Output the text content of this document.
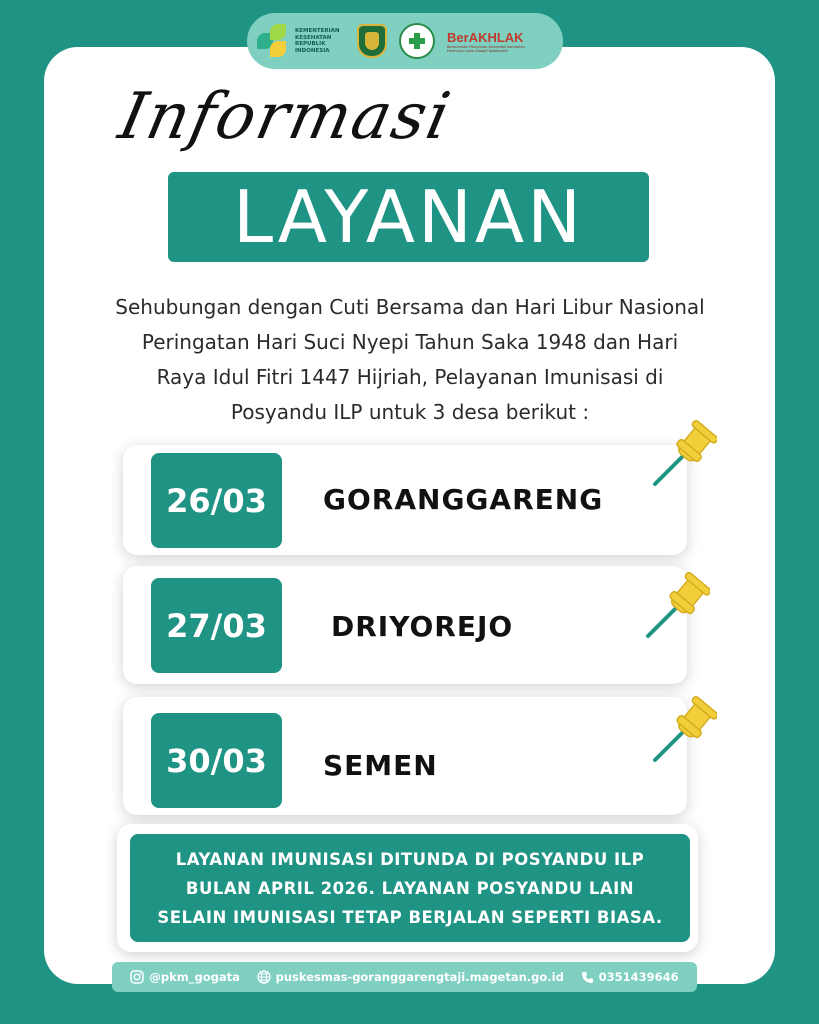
KEMENTERIAN KESEHATAN REPUBLIK INDONESIA
BerAKHLAK
Berorientasi Pelayanan Akuntabel Kompeten Harmonis Loyal Adaptif Kolaboratif
Informasi
LAYANAN
Sehubungan dengan Cuti Bersama dan Hari Libur Nasional
Peringatan Hari Suci Nyepi Tahun Saka 1948 dan Hari
Raya Idul Fitri 1447 Hijriah, Pelayanan Imunisasi di
Posyandu ILP untuk 3 desa berikut :
26/03	GORANGGARENG
27/03	DRIYOREJO
30/03	SEMEN
LAYANAN IMUNISASI DITUNDA DI POSYANDU ILP
BULAN APRIL 2026. LAYANAN POSYANDU LAIN
SELAIN IMUNISASI TETAP BERJALAN SEPERTI BIASA.
@pkm_gogata	puskesmas-goranggarengtaji.magetan.go.id	0351439646
